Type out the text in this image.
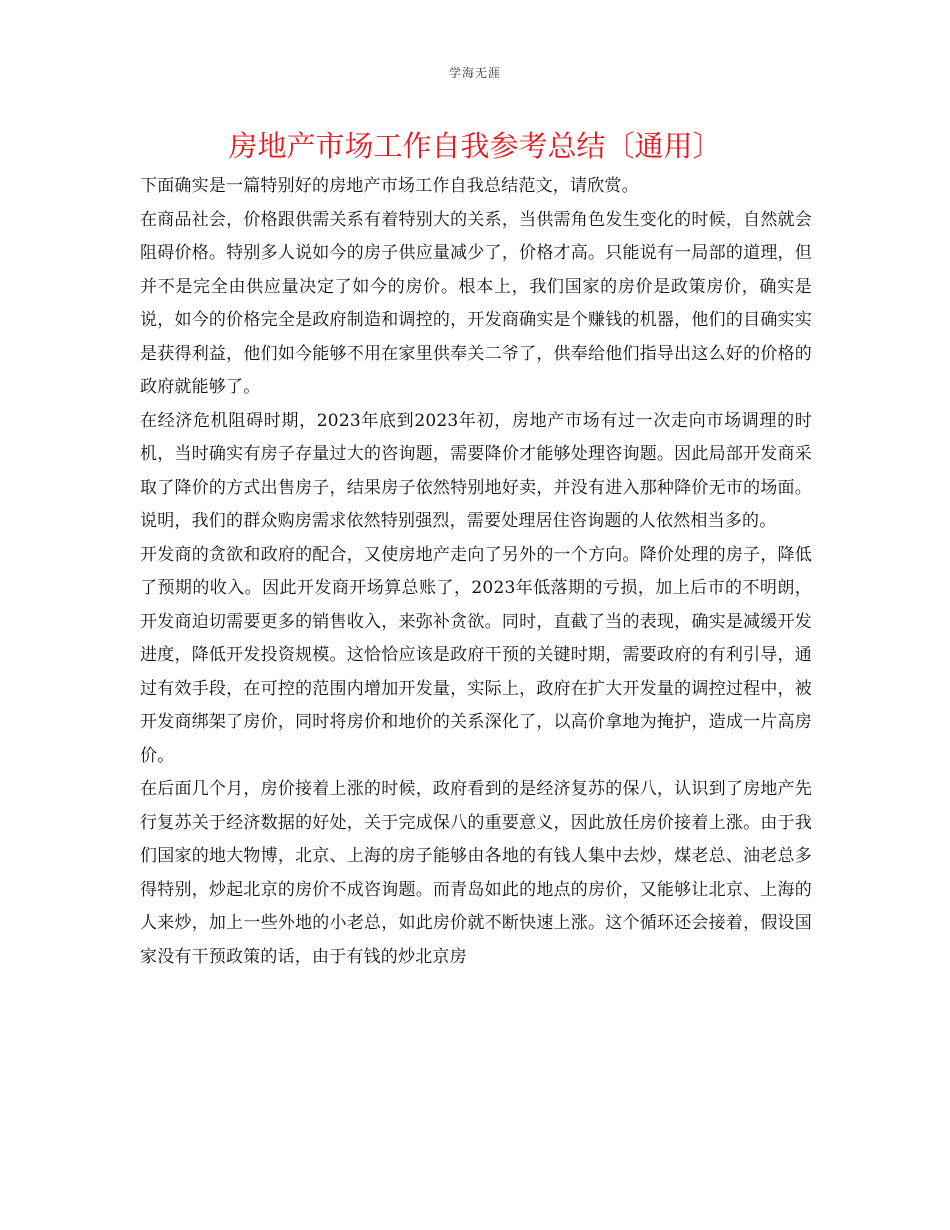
学海无涯
房地产市场工作自我参考总结〔通用〕

下面确实是一篇特别好的房地产市场工作自我总结范文，请欣赏。

在商品社会，价格跟供需关系有着特别大的关系，当供需角色发生变化的时候，自然就会阻碍价格。特别多人说如今的房子供应量减少了，价格才高。只能说有一局部的道理，但并不是完全由供应量决定了如今的房价。根本上，我们国家的房价是政策房价，确实是说，如今的价格完全是政府制造和调控的，开发商确实是个赚钱的机器，他们的目确实实是获得利益，他们如今能够不用在家里供奉关二爷了，供奉给他们指导出这么好的价格的政府就能够了。

在经济危机阻碍时期，2023年底到2023年初，房地产市场有过一次走向市场调理的时机，当时确实有房子存量过大的咨询题，需要降价才能够处理咨询题。因此局部开发商采取了降价的方式出售房子，结果房子依然特别地好卖，并没有进入那种降价无市的场面。说明，我们的群众购房需求依然特别强烈，需要处理居住咨询题的人依然相当多的。

开发商的贪欲和政府的配合，又使房地产走向了另外的一个方向。降价处理的房子，降低了预期的收入。因此开发商开场算总账了，2023年低落期的亏损，加上后市的不明朗，开发商迫切需要更多的销售收入，来弥补贪欲。同时，直截了当的表现，确实是减缓开发进度，降低开发投资规模。这恰恰应该是政府干预的关键时期，需要政府的有利引导，通过有效手段，在可控的范围内增加开发量，实际上，政府在扩大开发量的调控过程中，被开发商绑架了房价，同时将房价和地价的关系深化了，以高价拿地为掩护，造成一片高房价。

在后面几个月，房价接着上涨的时候，政府看到的是经济复苏的保八，认识到了房地产先行复苏关于经济数据的好处，关于完成保八的重要意义，因此放任房价接着上涨。由于我们国家的地大物博，北京、上海的房子能够由各地的有钱人集中去炒，煤老总、油老总多得特别，炒起北京的房价不成咨询题。而青岛如此的地点的房价，又能够让北京、上海的人来炒，加上一些外地的小老总，如此房价就不断快速上涨。这个循环还会接着，假设国家没有干预政策的话，由于有钱的炒北京房
